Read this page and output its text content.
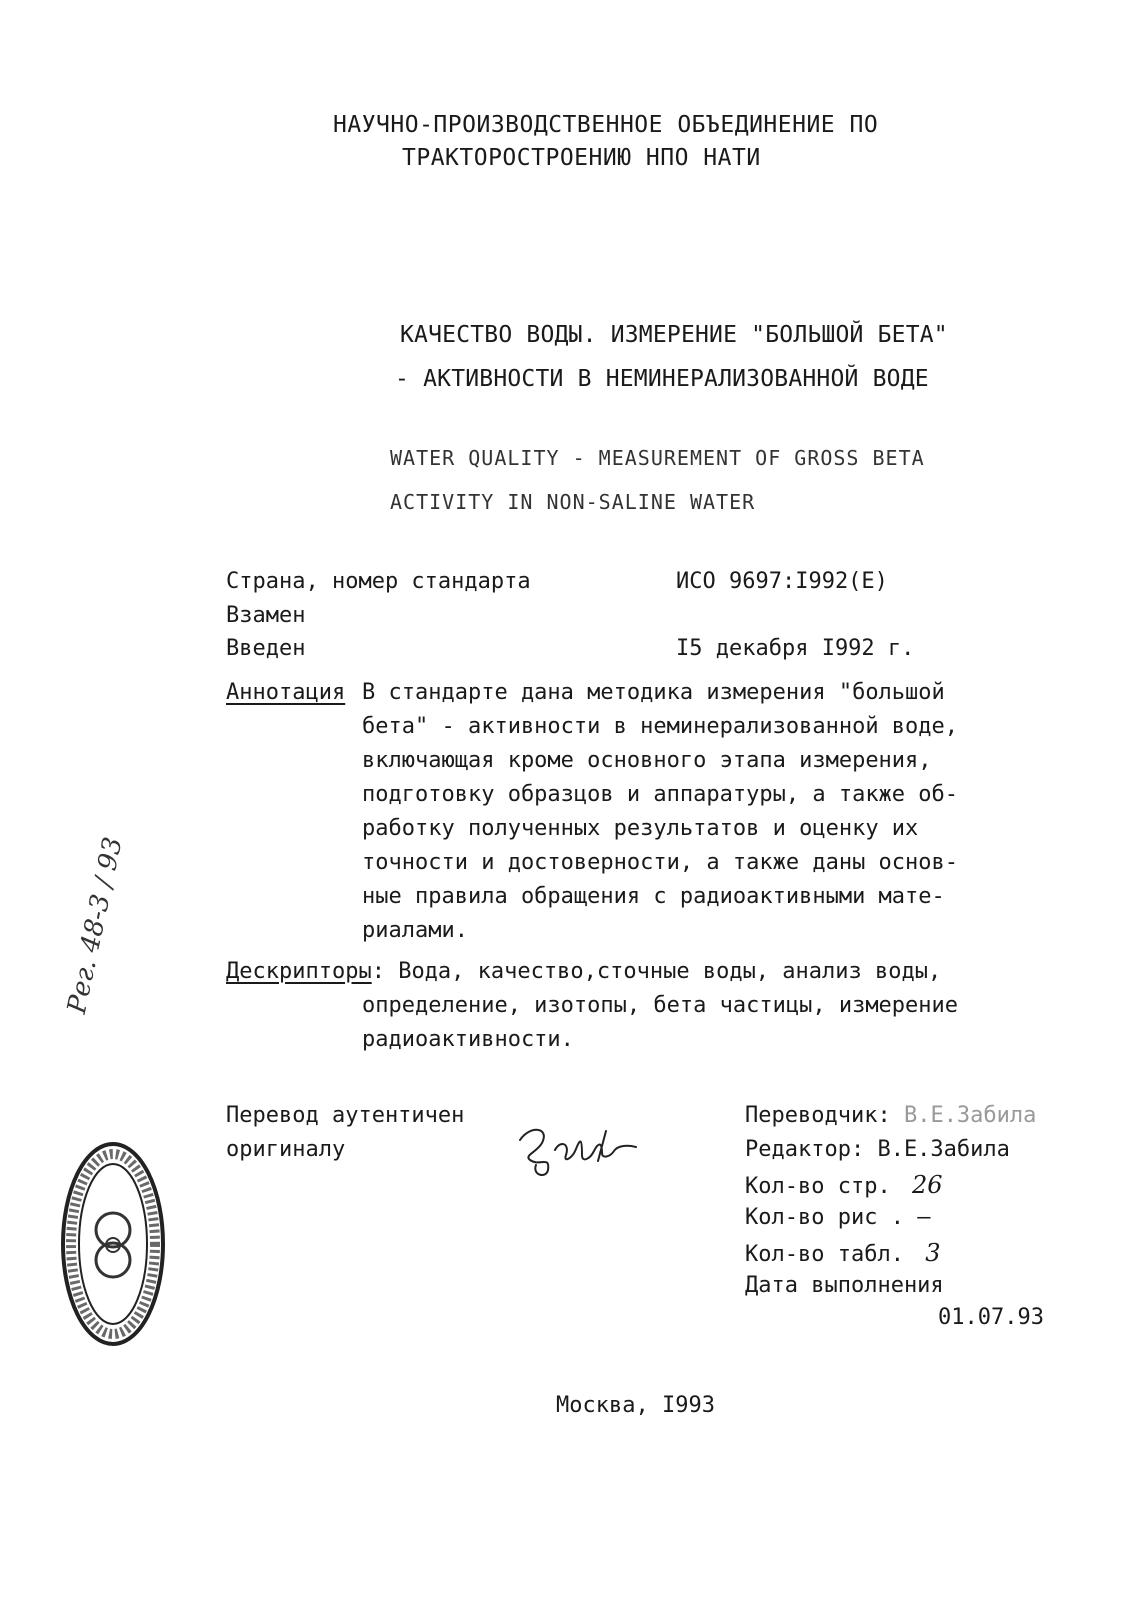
НАУЧНО-ПРОИЗВОДСТВЕННОЕ ОБЪЕДИНЕНИЕ ПО
ТРАКТОРОСТРОЕНИЮ НПО НАТИ
КАЧЕСТВО ВОДЫ. ИЗМЕРЕНИЕ "БОЛЬШОЙ БЕТА"
- АКТИВНОСТИ В НЕМИНЕРАЛИЗОВАННОЙ ВОДЕ
WATER QUALITY - MEASUREMENT OF GROSS BETA
ACTIVITY IN NON-SALINE WATER
Страна, номер стандарта	ИСО 9697:I992(E)
Взамен
Введен	I5 декабря I992 г.
Аннотация В стандарте дана методика измерения "большой
бета" - активности в неминерализованной воде,
включающая кроме основного этапа измерения,
подготовку образцов и аппаратуры, а также об-
работку полученных результатов и оценку их
точности и достоверности, а также даны основ-
ные правила обращения с радиоактивными мате-
риалами.
Дескрипторы: Вода, качество,сточные воды, анализ воды,
определение, изотопы, бета частицы, измерение
радиоактивности.
Рег. 48-3 / 93
Перевод аутентичен
оригиналу
Переводчик: В.Е.Забила
Редактор: В.Е.Забила
Кол-во стр. 26
Кол-во рис . –
Кол-во табл. 3
Дата выполнения
01.07.93
Москва, I993
